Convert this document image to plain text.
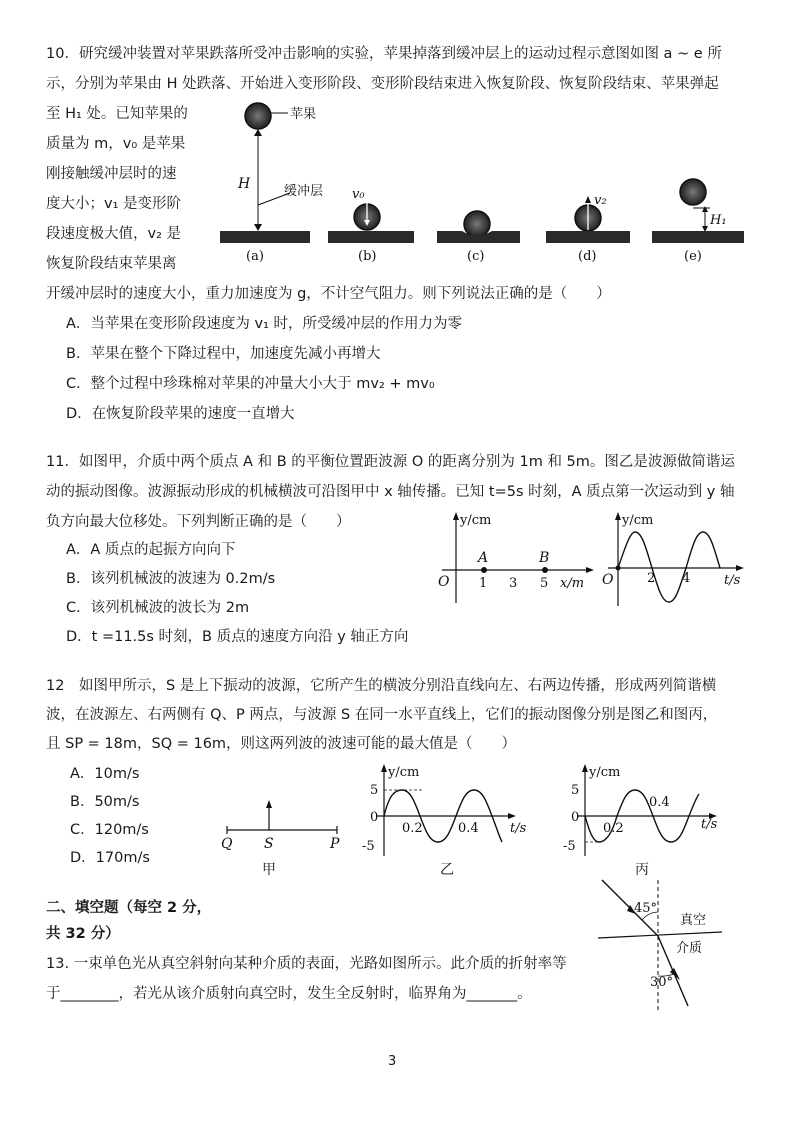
10．研究缓冲装置对苹果跌落所受冲击影响的实验，苹果掉落到缓冲层上的运动过程示意图如图 a ~ e 所
示，分别为苹果由 H 处跌落、开始进入变形阶段、变形阶段结束进入恢复阶段、恢复阶段结束、苹果弹起
至 H₁ 处。已知苹果的
质量为 m，v₀ 是苹果
刚接触缓冲层时的速
度大小；v₁ 是变形阶
段速度极大值，v₂ 是
恢复阶段结束苹果离
开缓冲层时的速度大小，重力加速度为 g，不计空气阻力。则下列说法正确的是（　　）
A．当苹果在变形阶段速度为 v₁ 时，所受缓冲层的作用力为零
B．苹果在整个下降过程中，加速度先减小再增大
C．整个过程中珍珠棉对苹果的冲量大小大于 mv₂ + mv₀
D．在恢复阶段苹果的速度一直增大
苹果
H	缓冲层
(a)
v₀
(b)	(c)
v₂
(d)
H₁
(e)
11．如图甲，介质中两个质点 A 和 B 的平衡位置距波源 O 的距离分别为 1m 和 5m。图乙是波源做简谐运
动的振动图像。波源振动形成的机械横波可沿图甲中 x 轴传播。已知 t=5s 时刻，A 质点第一次运动到 y 轴
负方向最大位移处。下列判断正确的是（　　）
A．A 质点的起振方向向下
B．该列机械波的波速为 0.2m/s
C．该列机械波的波长为 2m
D．t =11.5s 时刻，B 质点的速度方向沿 y 轴正方向
y/cm
O
A	B
1 3 5 x/m
y/cm
O	2 4	t/s
12　如图甲所示，S 是上下振动的波源，它所产生的横波分别沿直线向左、右两边传播，形成两列简谐横
波，在波源左、右两侧有 Q、P 两点，与波源 S 在同一水平直线上，它们的振动图像分别是图乙和图丙，
且 SP = 18m，SQ = 16m，则这两列波的波速可能的最大值是（　　）
A．10m/s
B．50m/s
C．120m/s
D．170m/s
Q S	P
甲
y/cm
5
0
-5
0.2	0.4 t/s
乙
y/cm
5
0
-5
0.2
0.4
t/s
丙
二、填空题（每空 2 分，
共 32 分）
13. 一束单色光从真空斜射向某种介质的表面，光路如图所示。此介质的折射率等
于________，若光从该介质射向真空时，发生全反射时，临界角为_______。
45°
30°
真空
介质
3
